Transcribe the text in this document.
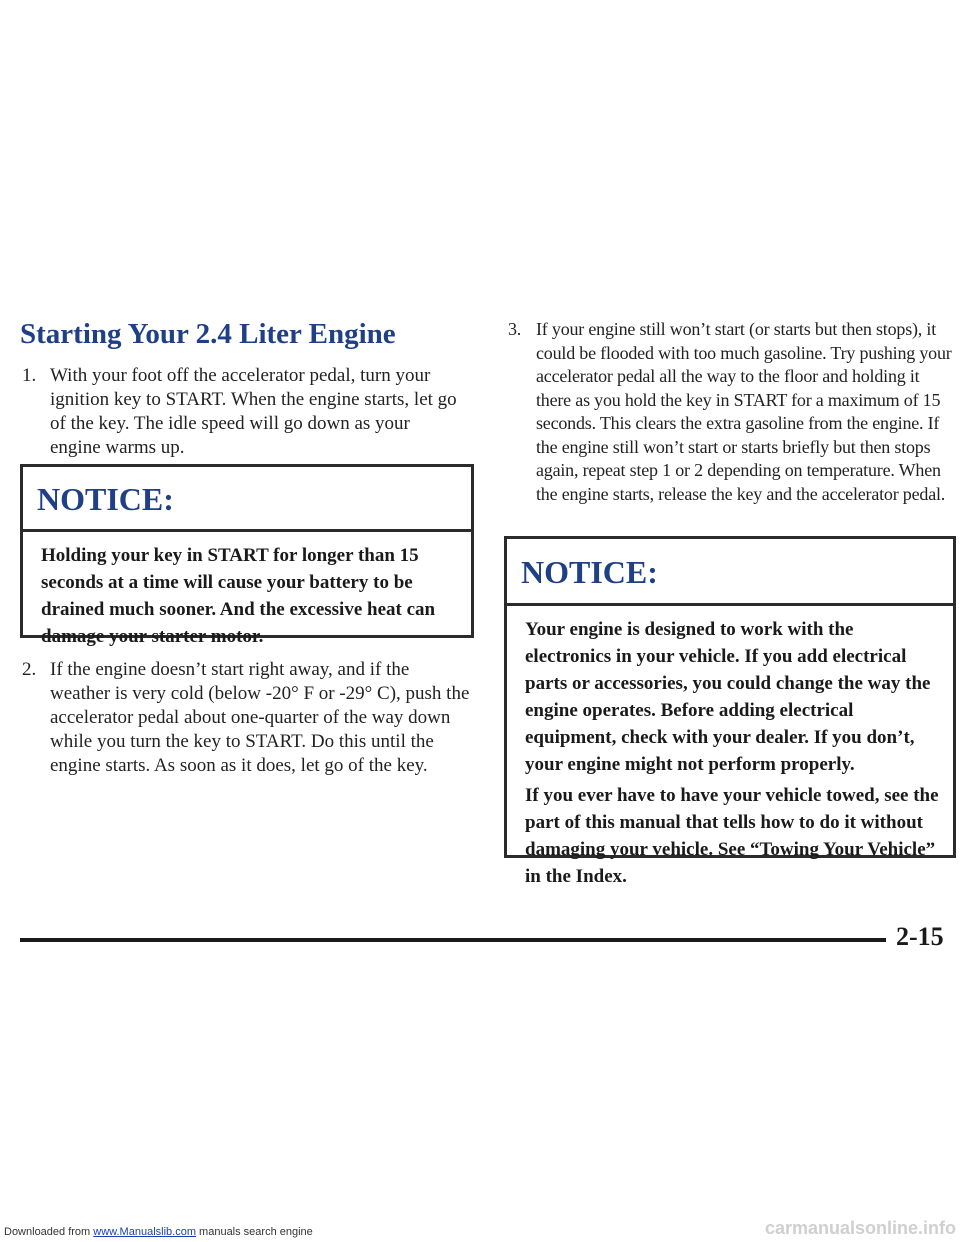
Starting Your 2.4 Liter Engine
1. With your foot off the accelerator pedal, turn your ignition key to START. When the engine starts, let go of the key. The idle speed will go down as your engine warms up.
NOTICE:

Holding your key in START for longer than 15 seconds at a time will cause your battery to be drained much sooner. And the excessive heat can damage your starter motor.

2. If the engine doesn’t start right away, and if the weather is very cold (below -20° F or -29° C), push the accelerator pedal about one-quarter of the way down while you turn the key to START. Do this until the engine starts. As soon as it does, let go of the key.
3. If your engine still won’t start (or starts but then stops), it could be flooded with too much gasoline. Try pushing your accelerator pedal all the way to the floor and holding it there as you hold the key in START for a maximum of 15 seconds. This clears the extra gasoline from the engine. If the engine still won’t start or starts briefly but then stops again, repeat step 1 or 2 depending on temperature. When the engine starts, release the key and the accelerator pedal.
NOTICE:

Your engine is designed to work with the electronics in your vehicle. If you add electrical parts or accessories, you could change the way the engine operates. Before adding electrical equipment, check with your dealer. If you don’t, your engine might not perform properly.

If you ever have to have your vehicle towed, see the part of this manual that tells how to do it without damaging your vehicle. See “Towing Your Vehicle” in the Index.

2-15
Downloaded from www.Manualslib.com manuals search engine	carmanualsonline.info
